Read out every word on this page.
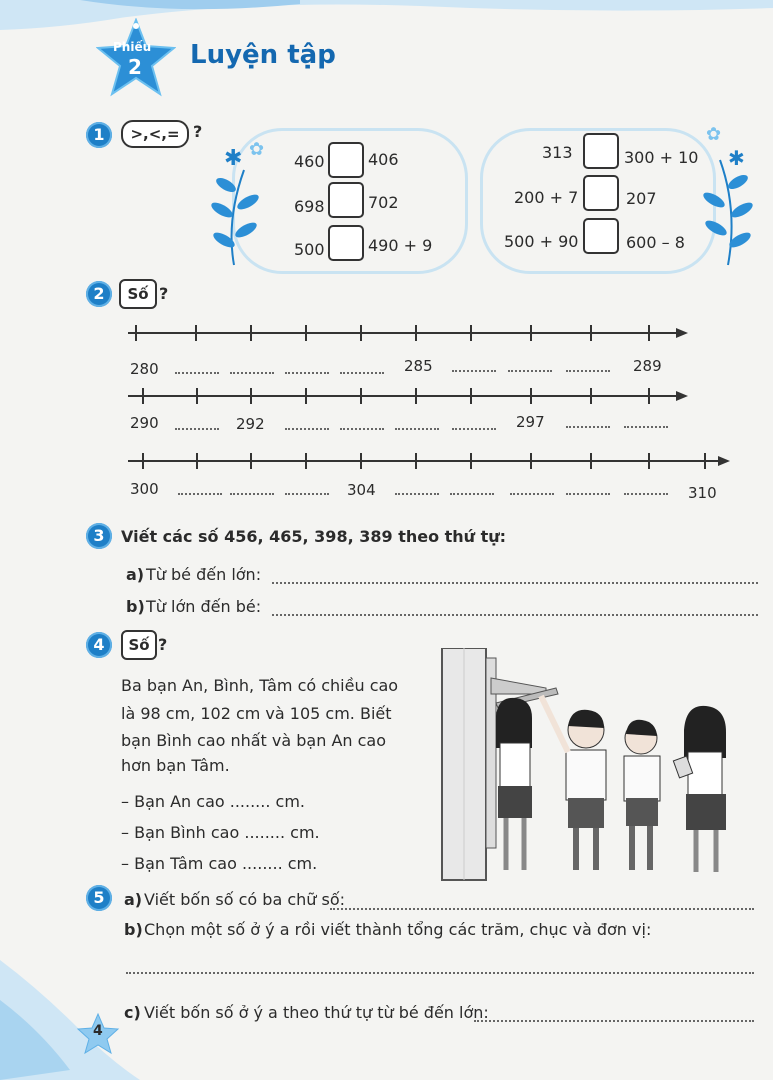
Phiếu
2 Luyện tập
1	>,<,= ?
✱ ✿
✿
✱
460	406
698	702
500	490 + 9
313	300 + 10
200 + 7	207
500 + 90	600 – 8
2	Số ?
280	285	289
290	292	297
300	304	310
3	Viết các số 456, 465, 398, 389 theo thứ tự:
a) Từ bé đến lớn:
b) Từ lớn đến bé:
4	Số ?
Ba bạn An, Bình, Tâm có chiều cao
là 98 cm, 102 cm và 105 cm. Biết
bạn Bình cao nhất và bạn An cao
hơn bạn Tâm.
– Bạn An cao ........ cm.
– Bạn Bình cao ........ cm.
– Bạn Tâm cao ........ cm.
5	a) Viết bốn số có ba chữ số:
b) Chọn một số ở ý a rồi viết thành tổng các trăm, chục và đơn vị:
c) Viết bốn số ở ý a theo thứ tự từ bé đến lớn:
4
